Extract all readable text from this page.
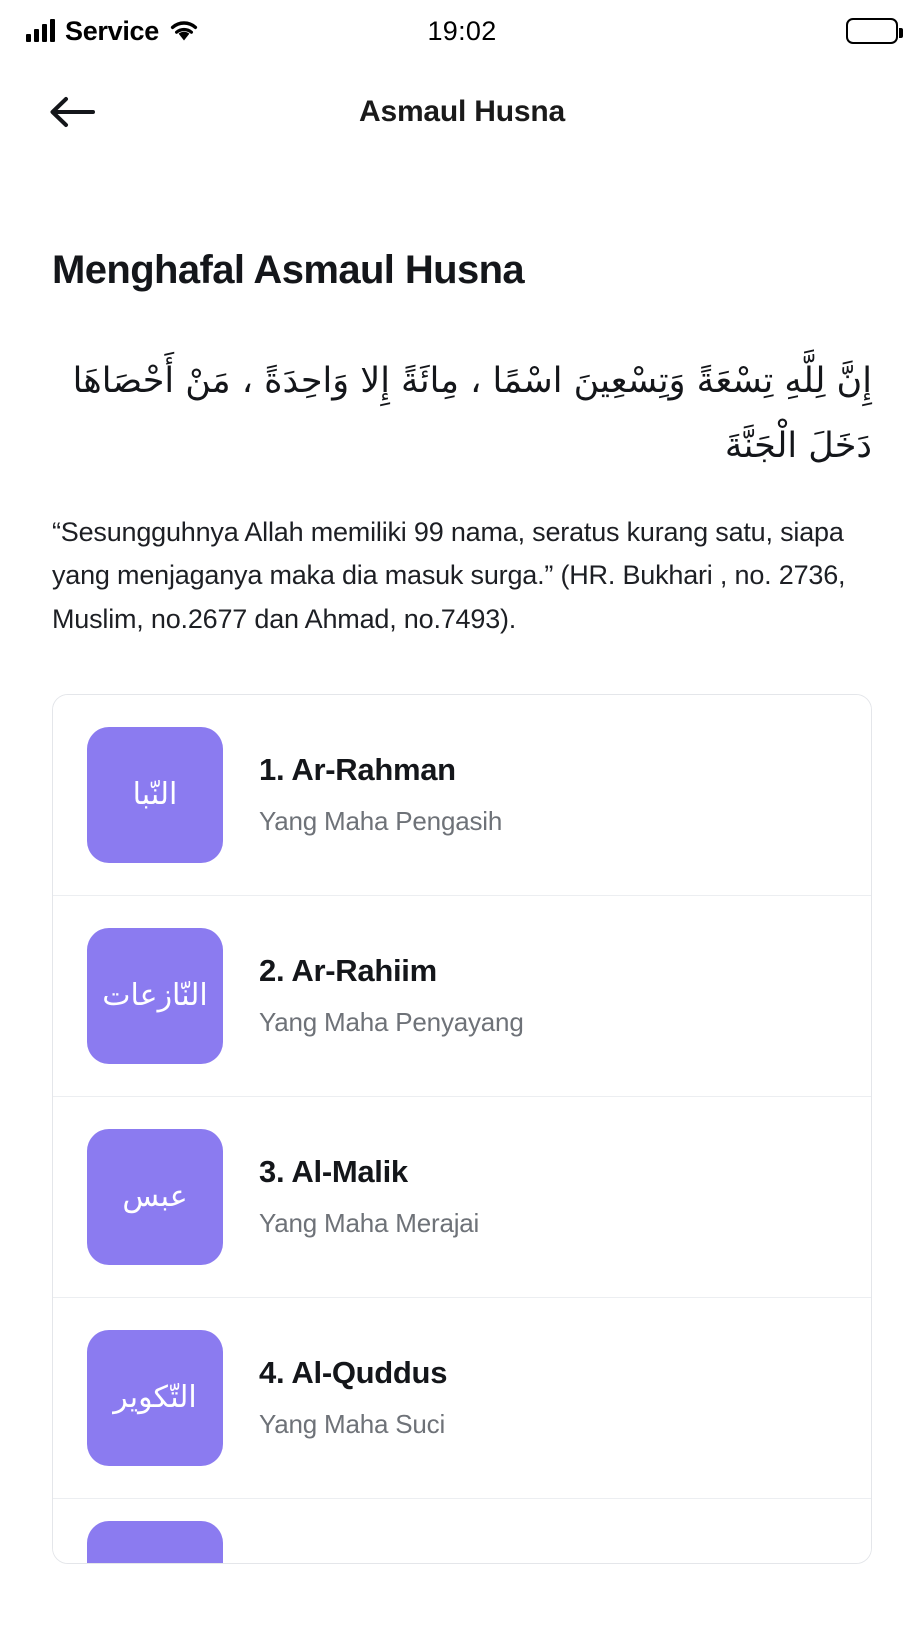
Service	19:02
Asmaul Husna
Menghafal Asmaul Husna
إِنَّ لِلَّهِ تِسْعَةً وَتِسْعِينَ اسْمًا ، مِائَةً إِلا وَاحِدَةً ، مَنْ أَحْصَاهَا دَخَلَ الْجَنَّةَ

“Sesungguhnya Allah memiliki 99 nama, seratus kurang satu, siapa yang menjaganya maka dia masuk surga.” (HR. Bukhari , no. 2736, Muslim, no.2677 dan Ahmad, no.7493).

النّبا
1. Ar-Rahman
Yang Maha Pengasih
النّازعات
2. Ar-Rahiim
Yang Maha Penyayang
عبس
3. Al-Malik
Yang Maha Merajai
التّكوير
4. Al-Quddus
Yang Maha Suci
